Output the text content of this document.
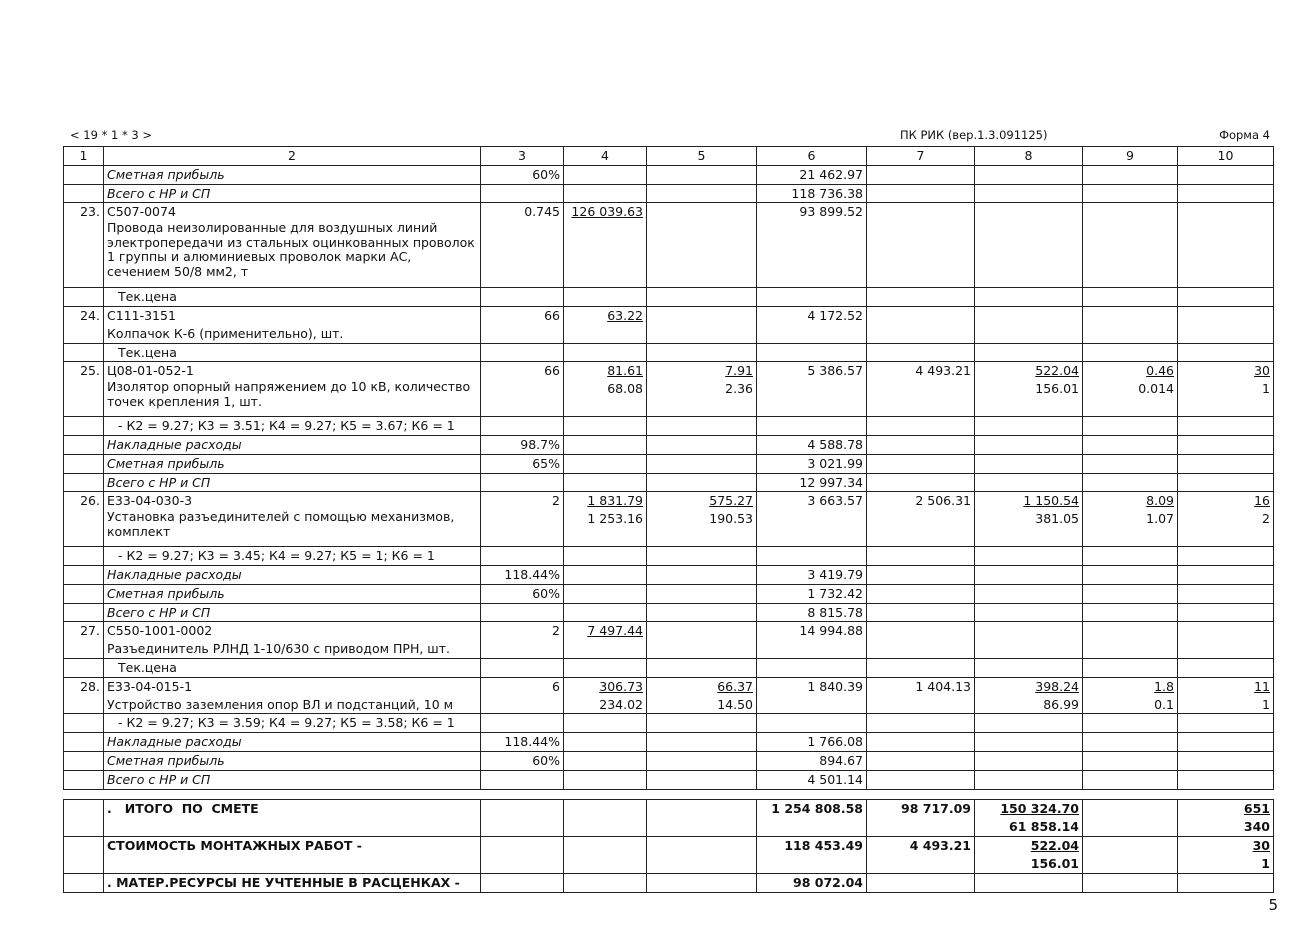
< 19 * 1 * 3 >	ПК РИК (вер.1.3.091125)	Форма 4
1	2	3	4	5	6	7	8	9	10
	Сметная прибыль	60%			21 462.97				
	Всего с НР и СП				118 736.38				
23.	С507-0074	0.745	126 039.63		93 899.52				
	Провода неизолированные для воздушных линий электропередачи из стальных оцинкованных проволок 1 группы и алюминиевых проволок марки АС, сечением 50/8 мм2, т								
	Тек.цена								
24.	С111-3151	66	63.22		4 172.52				
	Колпачок К-6 (применительно), шт.								
	Тек.цена								
25.	Ц08-01-052-1	66	81.61	7.91	5 386.57	4 493.21	522.04	0.46	30
	Изолятор опорный напряжением до 10 кВ, количество точек крепления 1, шт.		68.08	2.36			156.01	0.014	1
	- К2 = 9.27; К3 = 3.51; К4 = 9.27; К5 = 3.67; К6 = 1								
	Накладные расходы	98.7%			4 588.78				
	Сметная прибыль	65%			3 021.99				
	Всего с НР и СП				12 997.34				
26.	Е33-04-030-3	2	1 831.79	575.27	3 663.57	2 506.31	1 150.54	8.09	16
	Установка разъединителей с помощью механизмов, комплект		1 253.16	190.53			381.05	1.07	2
	- К2 = 9.27; К3 = 3.45; К4 = 9.27; К5 = 1; К6 = 1								
	Накладные расходы	118.44%			3 419.79				
	Сметная прибыль	60%			1 732.42				
	Всего с НР и СП				8 815.78				
27.	С550-1001-0002	2	7 497.44		14 994.88				
	Разъединитель РЛНД 1-10/630 с приводом ПРН, шт.								
	Тек.цена								
28.	Е33-04-015-1	6	306.73	66.37	1 840.39	1 404.13	398.24	1.8	11
	Устройство заземления опор ВЛ и подстанций, 10 м		234.02	14.50			86.99	0.1	1
	- К2 = 9.27; К3 = 3.59; К4 = 9.27; К5 = 3.58; К6 = 1								
	Накладные расходы	118.44%			1 766.08				
	Сметная прибыль	60%			894.67				
	Всего с НР и СП				4 501.14				
	.   ИТОГО  ПО  СМЕТЕ				1 254 808.58	98 717.09	150 324.70		651
							61 858.14		340
	СТОИМОСТЬ МОНТАЖНЫХ РАБОТ -				118 453.49	4 493.21	522.04		30
							156.01		1
	. МАТЕР.РЕСУРСЫ НЕ УЧТЕННЫЕ В РАСЦЕНКАХ -				98 072.04				
5
